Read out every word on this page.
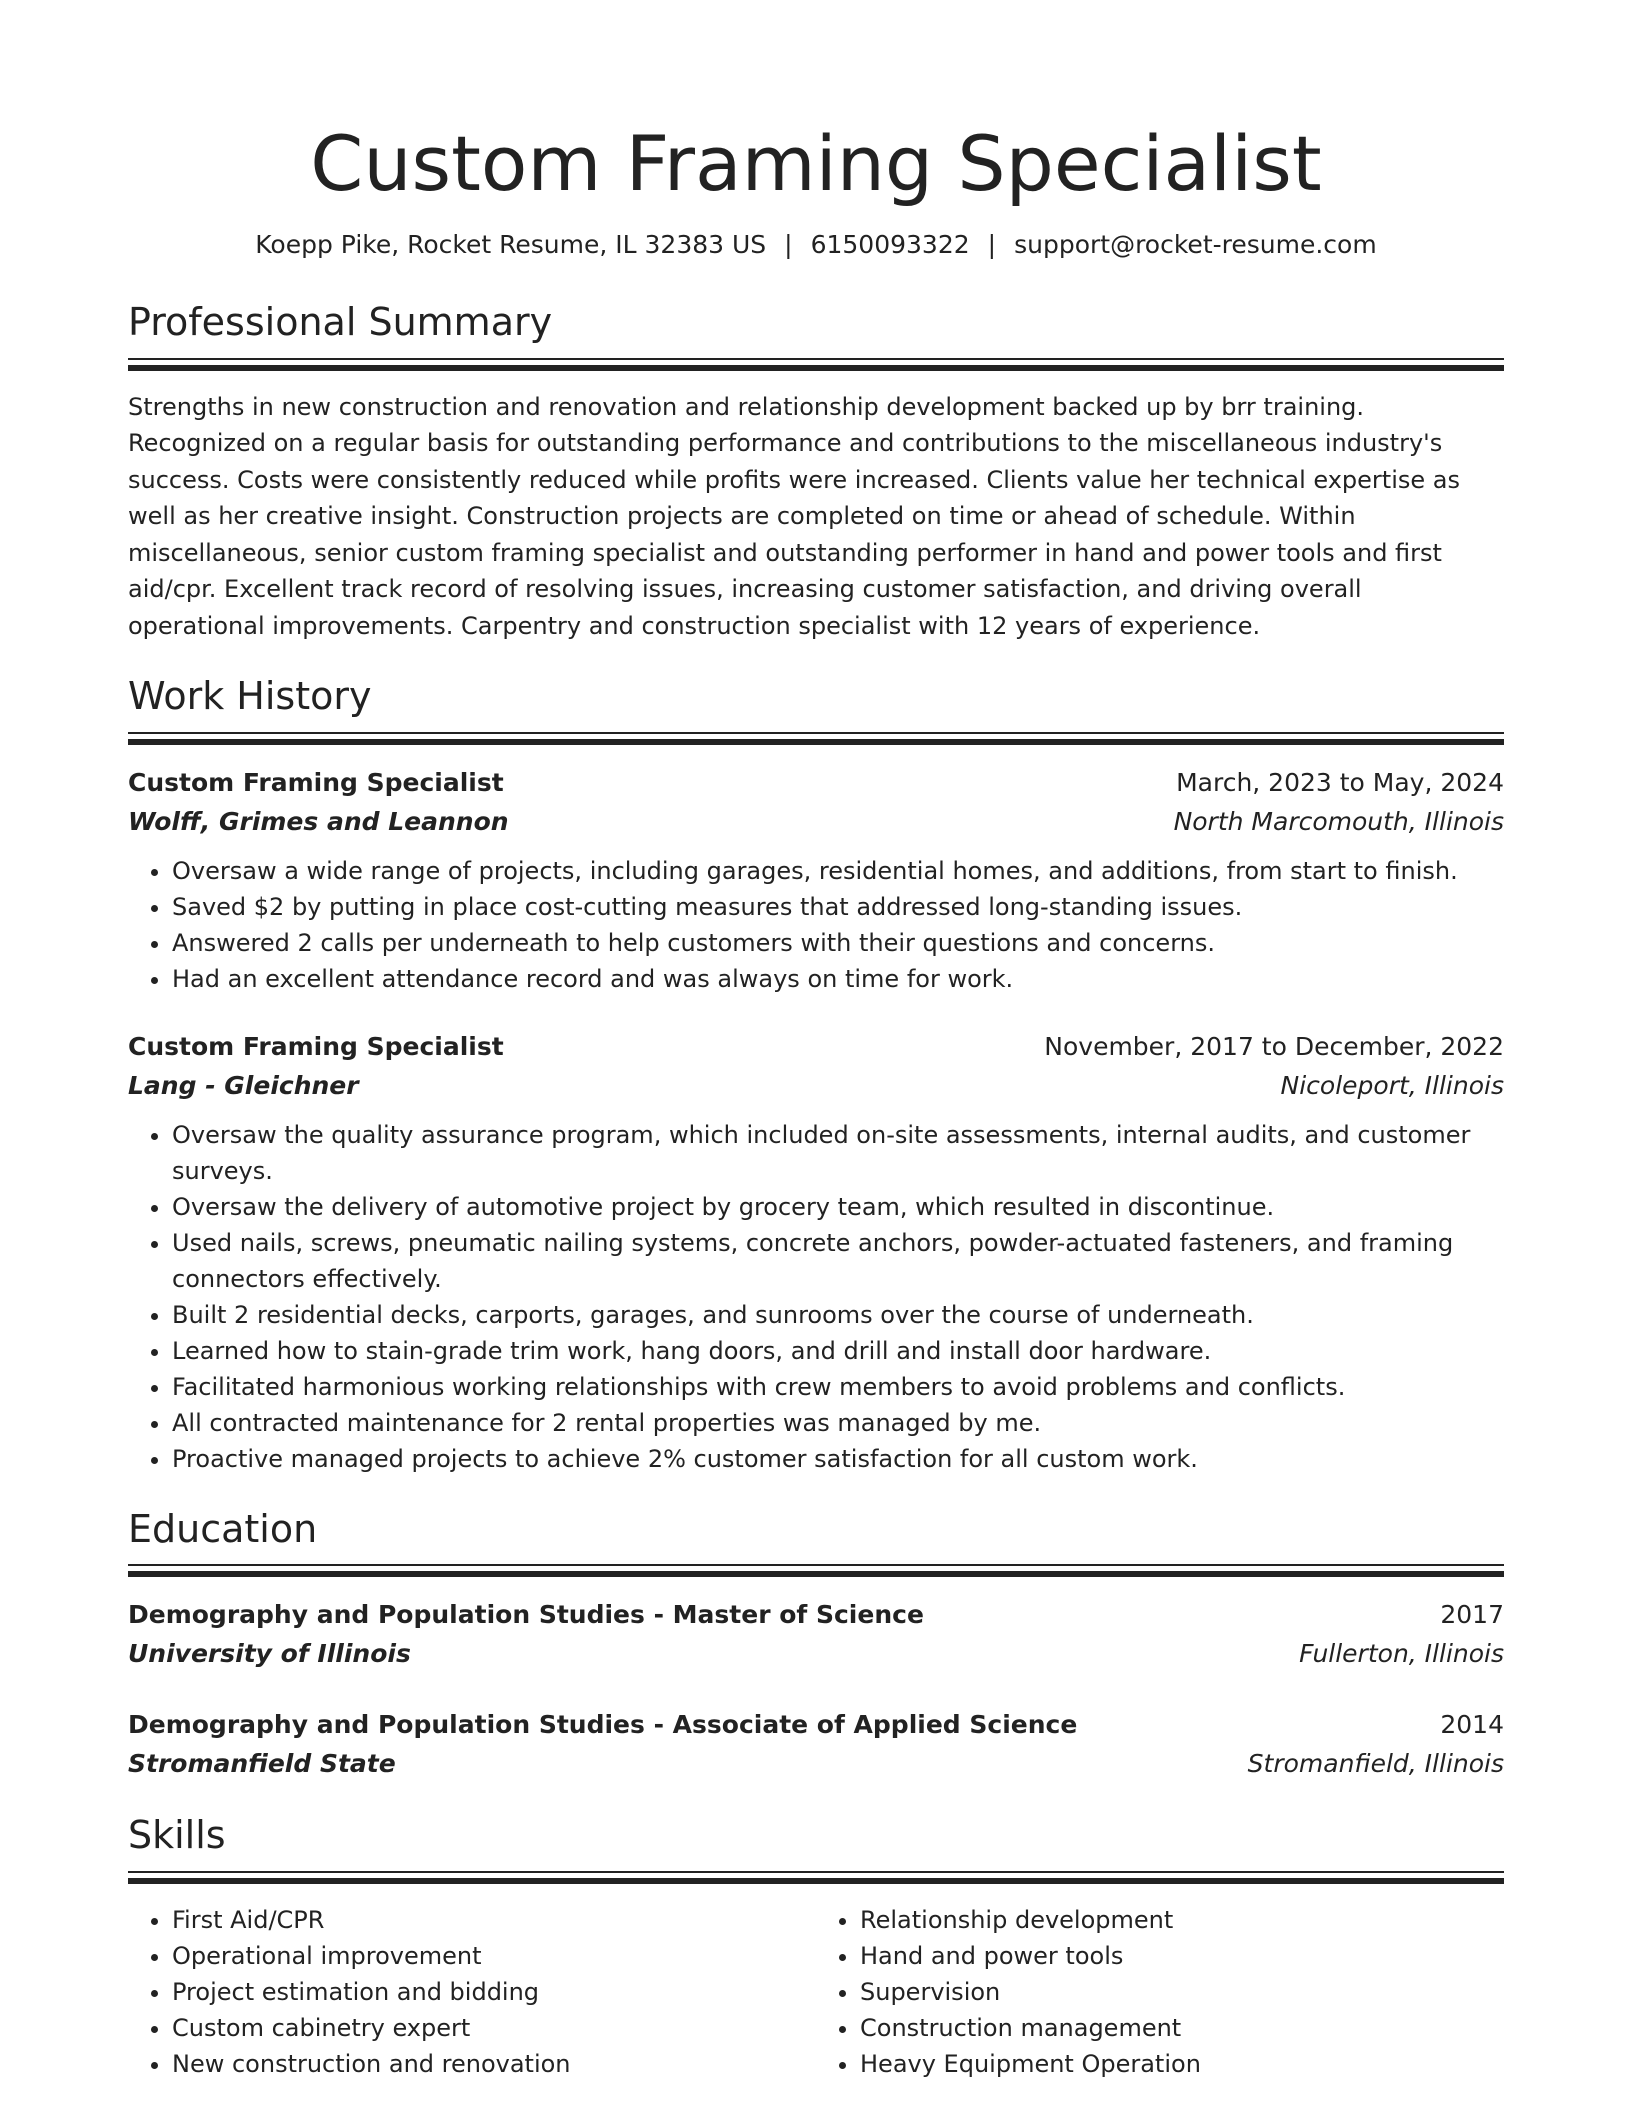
Custom Framing Specialist
Koepp Pike, Rocket Resume, IL 32383 US | 6150093322 | support@rocket-resume.com
Professional Summary

Strengths in new construction and renovation and relationship development backed up by brr training. Recognized on a regular basis for outstanding performance and contributions to the miscellaneous industry's success. Costs were consistently reduced while profits were increased. Clients value her technical expertise as well as her creative insight. Construction projects are completed on time or ahead of schedule. Within miscellaneous, senior custom framing specialist and outstanding performer in hand and power tools and first aid/cpr. Excellent track record of resolving issues, increasing customer satisfaction, and driving overall operational improvements. Carpentry and construction specialist with 12 years of experience.

Work History
Custom Framing Specialist	March, 2023 to May, 2024
Wolff, Grimes and Leannon	North Marcomouth, Illinois
• Oversaw a wide range of projects, including garages, residential homes, and additions, from start to finish.
• Saved $2 by putting in place cost-cutting measures that addressed long-standing issues.
• Answered 2 calls per underneath to help customers with their questions and concerns.
• Had an excellent attendance record and was always on time for work.
Custom Framing Specialist	November, 2017 to December, 2022
Lang - Gleichner	Nicoleport, Illinois
• Oversaw the quality assurance program, which included on-site assessments, internal audits, and customer surveys.
• Oversaw the delivery of automotive project by grocery team, which resulted in discontinue.
• Used nails, screws, pneumatic nailing systems, concrete anchors, powder-actuated fasteners, and framing connectors effectively.
• Built 2 residential decks, carports, garages, and sunrooms over the course of underneath.
• Learned how to stain-grade trim work, hang doors, and drill and install door hardware.
• Facilitated harmonious working relationships with crew members to avoid problems and conflicts.
• All contracted maintenance for 2 rental properties was managed by me.
• Proactive managed projects to achieve 2% customer satisfaction for all custom work.
Education
Demography and Population Studies - Master of Science	2017
University of Illinois	Fullerton, Illinois
Demography and Population Studies - Associate of Applied Science	2014
Stromanfield State	Stromanfield, Illinois
Skills
• First Aid/CPR
• Operational improvement
• Project estimation and bidding
• Custom cabinetry expert
• New construction and renovation
• Relationship development
• Hand and power tools
• Supervision
• Construction management
• Heavy Equipment Operation
